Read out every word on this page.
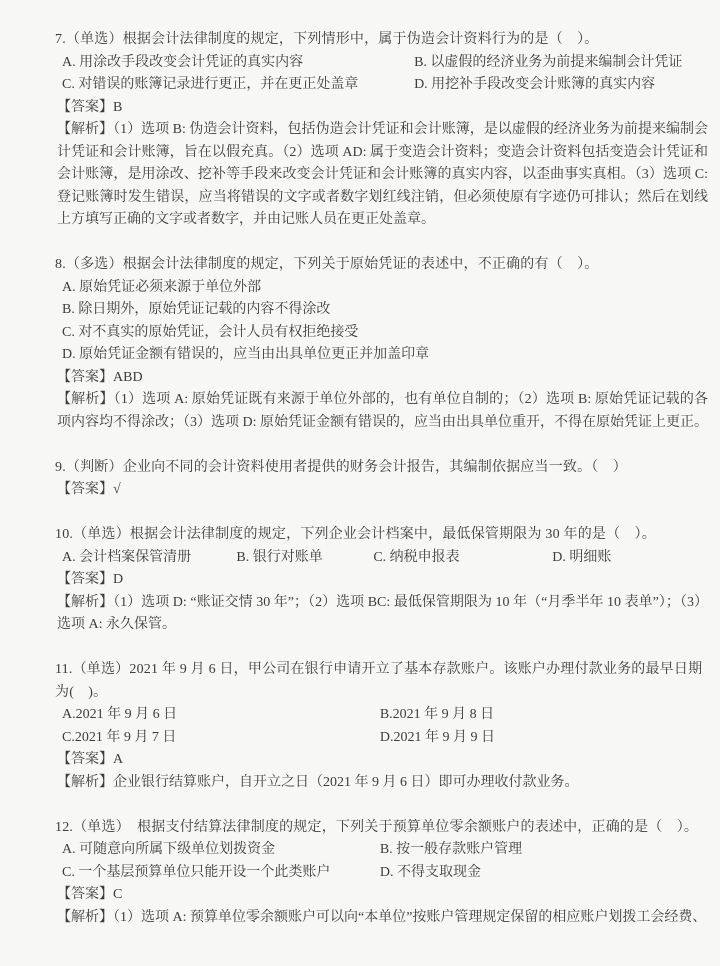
7.（单选）根据会计法律制度的规定，下列情形中，属于伪造会计资料行为的是（　）。

A. 用涂改手段改变会计凭证的真实内容	B. 以虚假的经济业务为前提来编制会计凭证
C. 对错误的账簿记录进行更正，并在更正处盖章	D. 用挖补手段改变会计账簿的真实内容

【答案】B

【解析】（1）选项 B: 伪造会计资料，包括伪造会计凭证和会计账簿，是以虚假的经济业务为前提来编制会计凭证和会计账簿，旨在以假充真。（2）选项 AD: 属于变造会计资料；变造会计资料包括变造会计凭证和会计账簿，是用涂改、挖补等手段来改变会计凭证和会计账簿的真实内容，以歪曲事实真相。（3）选项 C: 登记账簿时发生错误，应当将错误的文字或者数字划红线注销，但必须使原有字迹仍可排认；然后在划线上方填写正确的文字或者数字，并由记账人员在更正处盖章。

8.（多选）根据会计法律制度的规定，下列关于原始凭证的表述中，不正确的有（　）。

A. 原始凭证必须来源于单位外部
B. 除日期外，原始凭证记载的内容不得涂改
C. 对不真实的原始凭证，会计人员有权拒绝接受
D. 原始凭证金额有错误的，应当由出具单位更正并加盖印章

【答案】ABD

【解析】（1）选项 A: 原始凭证既有来源于单位外部的，也有单位自制的；（2）选项 B: 原始凭证记载的各项内容均不得涂改；（3）选项 D: 原始凭证金额有错误的，应当由出具单位重开，不得在原始凭证上更正。

9.（判断）企业向不同的会计资料使用者提供的财务会计报告，其编制依据应当一致。（　）

【答案】√

10.（单选）根据会计法律制度的规定，下列企业会计档案中，最低保管期限为 30 年的是（　）。

A. 会计档案保管清册	B. 银行对账单	C. 纳税申报表	D. 明细账

【答案】D

【解析】（1）选项 D: “账证交情 30 年”；（2）选项 BC: 最低保管期限为 10 年（“月季半年 10 表单”）；（3）选项 A: 永久保管。

11.（单选）2021 年 9 月 6 日，甲公司在银行申请开立了基本存款账户。该账户办理付款业务的最早日期为(　)。

A.2021 年 9 月 6 日	B.2021 年 9 月 8 日
C.2021 年 9 月 7 日	D.2021 年 9 月 9 日

【答案】A

【解析】企业银行结算账户，自开立之日（2021 年 9 月 6 日）即可办理收付款业务。

12.（单选）　根据支付结算法律制度的规定，下列关于预算单位零余额账户的表述中，正确的是（　）。

A. 可随意向所属下级单位划拨资金	B. 按一般存款账户管理
C. 一个基层预算单位只能开设一个此类账户	D. 不得支取现金

【答案】C

【解析】（1）选项 A: 预算单位零余额账户可以向“本单位”按账户管理规定保留的相应账户划拨工会经费、
